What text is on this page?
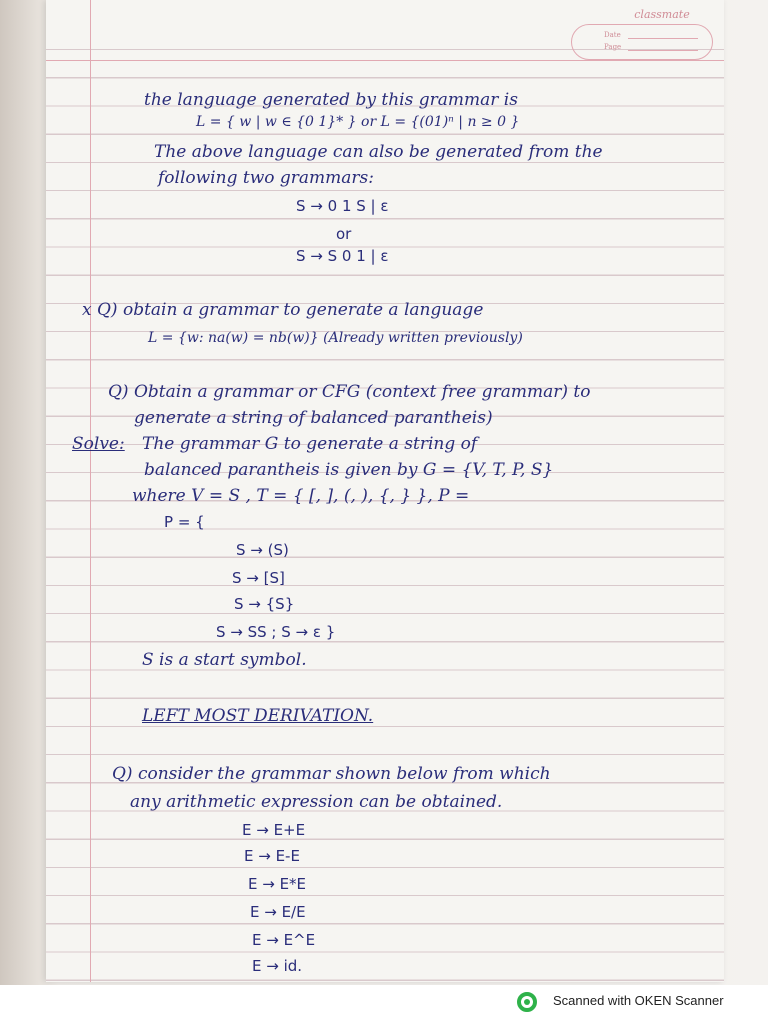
classmate
Date
Page
the language generated by this grammar is
L = { w | w ∈ {0 1}* } or L = {(01)ⁿ | n ≥ 0 }
The above language can also be generated from the
following two grammars:
S → 0 1 S | ε
or
S → S 0 1 | ε
x Q) obtain a grammar to generate a language
L = {w: na(w) = nb(w)} (Already written previously)
Q) Obtain a grammar or CFG (context free grammar) to
generate a string of balanced parantheis)
Solve: The grammar G to generate a string of
balanced parantheis is given by G = {V, T, P, S}
where V = S , T = { [, ], (, ), {, } }, P =
P = {
S → (S)
S → [S]
S → {S}
S → SS ; S → ε }
S is a start symbol.
LEFT MOST DERIVATION.
Q) consider the grammar shown below from which
any arithmetic expression can be obtained.
E → E+E
E → E-E
E → E*E
E → E/E
E → E^E
E → id.
Scanned with OKEN Scanner
